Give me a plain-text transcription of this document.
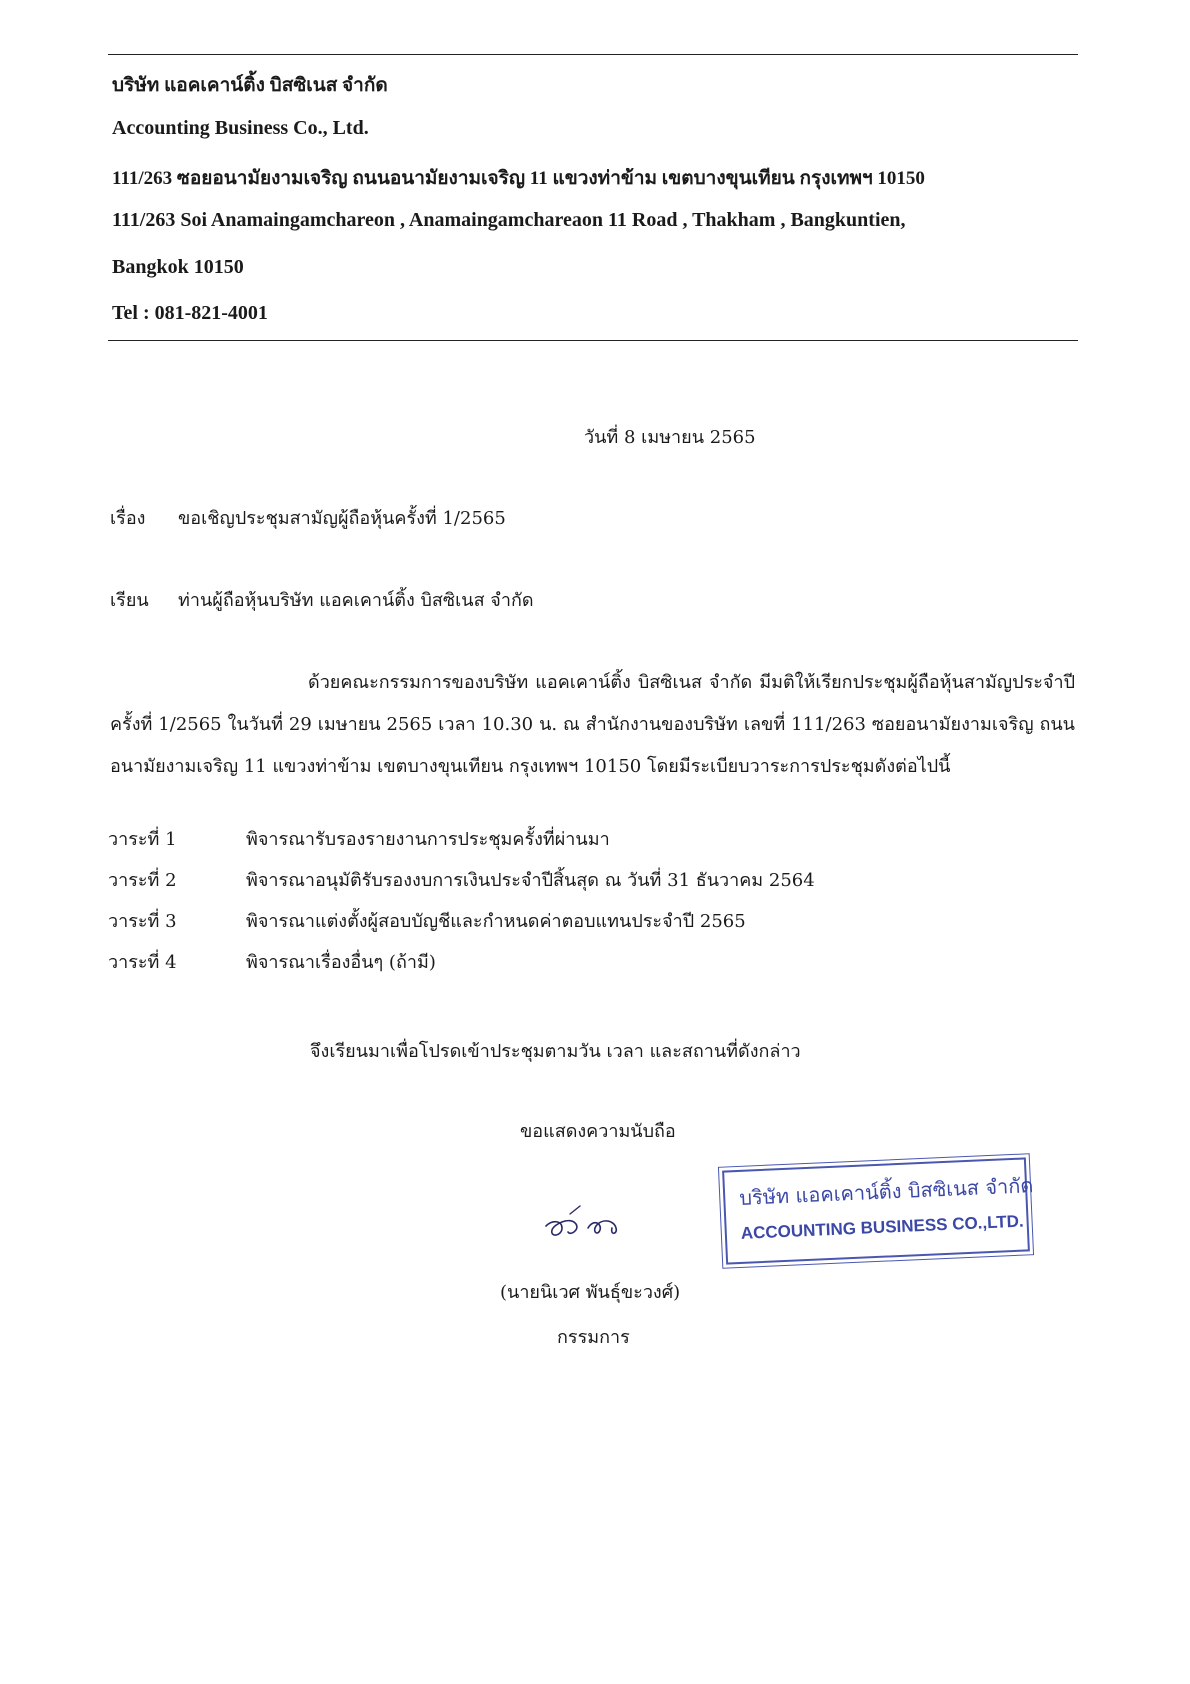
บริษัท แอคเคาน์ติ้ง บิสซิเนส จำกัด
Accounting Business Co., Ltd.
111/263 ซอยอนามัยงามเจริญ ถนนอนามัยงามเจริญ 11 แขวงท่าข้าม เขตบางขุนเทียน กรุงเทพฯ 10150
111/263 Soi Anamaingamchareon , Anamaingamchareaon 11 Road , Thakham , Bangkuntien,
Bangkok 10150
Tel : 081-821-4001
วันที่ 8 เมษายน 2565
เรื่อง ขอเชิญประชุมสามัญผู้ถือหุ้นครั้งที่ 1/2565
เรียน ท่านผู้ถือหุ้นบริษัท แอคเคาน์ติ้ง บิสซิเนส จำกัด
ด้วยคณะกรรมการของบริษัท แอคเคาน์ติ้ง บิสซิเนส จำกัด มีมติให้เรียกประชุมผู้ถือหุ้นสามัญประจำปีครั้งที่ 1/2565 ในวันที่ 29 เมษายน 2565 เวลา 10.30 น. ณ สำนักงานของบริษัท เลขที่ 111/263 ซอยอนามัยงามเจริญ ถนนอนามัยงามเจริญ 11 แขวงท่าข้าม เขตบางขุนเทียน กรุงเทพฯ 10150 โดยมีระเบียบวาระการประชุมดังต่อไปนี้
วาระที่ 1	พิจารณารับรองรายงานการประชุมครั้งที่ผ่านมา
วาระที่ 2	พิจารณาอนุมัติรับรองงบการเงินประจำปีสิ้นสุด ณ วันที่ 31 ธันวาคม 2564
วาระที่ 3	พิจารณาแต่งตั้งผู้สอบบัญชีและกำหนดค่าตอบแทนประจำปี 2565
วาระที่ 4	พิจารณาเรื่องอื่นๆ (ถ้ามี)
จึงเรียนมาเพื่อโปรดเข้าประชุมตามวัน เวลา และสถานที่ดังกล่าว
ขอแสดงความนับถือ
บริษัท แอคเคาน์ติ้ง บิสซิเนส จำกัด
ACCOUNTING BUSINESS CO.,LTD.
(นายนิเวศ พันธุ์ขะวงศ์)
กรรมการ
